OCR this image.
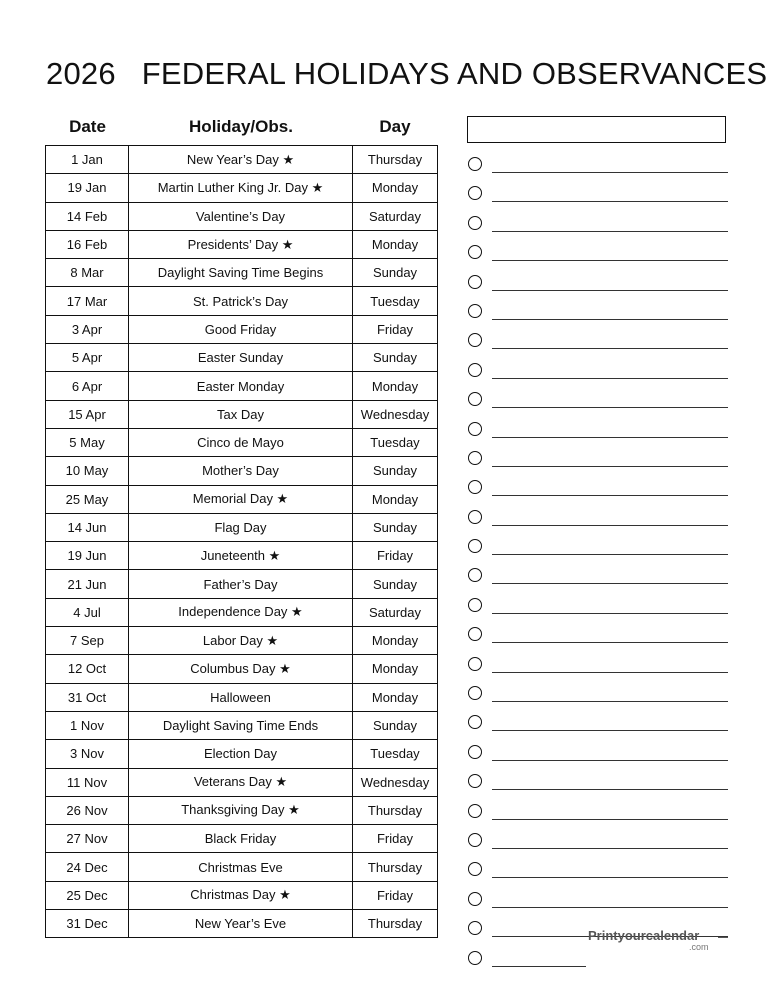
2026 FEDERAL HOLIDAYS AND OBSERVANCES
Date	Holiday/Obs.	Day
1 Jan	New Year’s Day ★	Thursday
19 Jan	Martin Luther King Jr. Day ★	Monday
14 Feb	Valentine’s Day	Saturday
16 Feb	Presidents’ Day ★	Monday
8 Mar	Daylight Saving Time Begins	Sunday
17 Mar	St. Patrick’s Day	Tuesday
3 Apr	Good Friday	Friday
5 Apr	Easter Sunday	Sunday
6 Apr	Easter Monday	Monday
15 Apr	Tax Day	Wednesday
5 May	Cinco de Mayo	Tuesday
10 May	Mother’s Day	Sunday
25 May	Memorial Day ★	Monday
14 Jun	Flag Day	Sunday
19 Jun	Juneteenth ★	Friday
21 Jun	Father’s Day	Sunday
4 Jul	Independence Day ★	Saturday
7 Sep	Labor Day ★	Monday
12 Oct	Columbus Day ★	Monday
31 Oct	Halloween	Monday
1 Nov	Daylight Saving Time Ends	Sunday
3 Nov	Election Day	Tuesday
11 Nov	Veterans Day ★	Wednesday
26 Nov	Thanksgiving Day ★	Thursday
27 Nov	Black Friday	Friday
24 Dec	Christmas Eve	Thursday
25 Dec	Christmas Day ★	Friday
31 Dec	New Year’s Eve	Thursday
Printyourcalendar
.com
